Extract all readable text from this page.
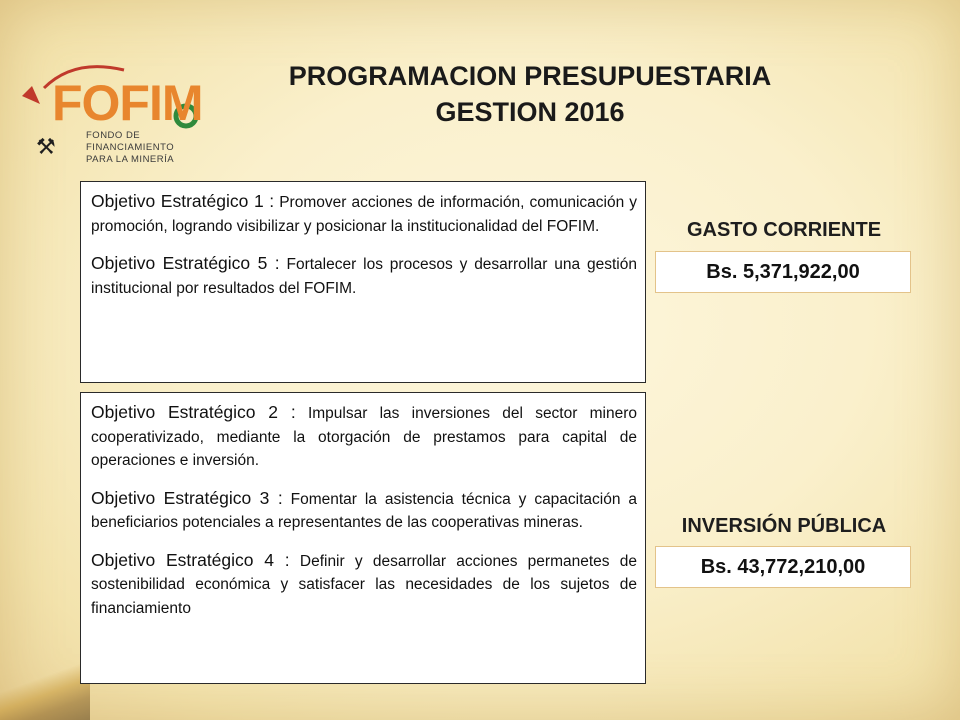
FOFIM
⚒	FONDO DE
FINANCIAMIENTO
PARA LA MINERÍA
PROGRAMACION PRESUPUESTARIA
GESTION 2016

Objetivo Estratégico 1 : Promover acciones de información, comunicación y promoción, logrando visibilizar y posicionar la institucionalidad del FOFIM.

Objetivo Estratégico 5 : Fortalecer los procesos y desarrollar una gestión institucional por resultados del FOFIM.

Objetivo Estratégico 2 : Impulsar las inversiones del sector minero cooperativizado, mediante la otorgación de prestamos para capital de operaciones e inversión.

Objetivo Estratégico 3 : Fomentar la asistencia técnica y capacitación a beneficiarios potenciales a representantes de las cooperativas mineras.

Objetivo Estratégico 4 : Definir y desarrollar acciones permanetes de sostenibilidad económica y satisfacer las necesidades de los sujetos de financiamiento

GASTO CORRIENTE
Bs. 5,371,922,00
INVERSIÓN PÚBLICA
Bs. 43,772,210,00
